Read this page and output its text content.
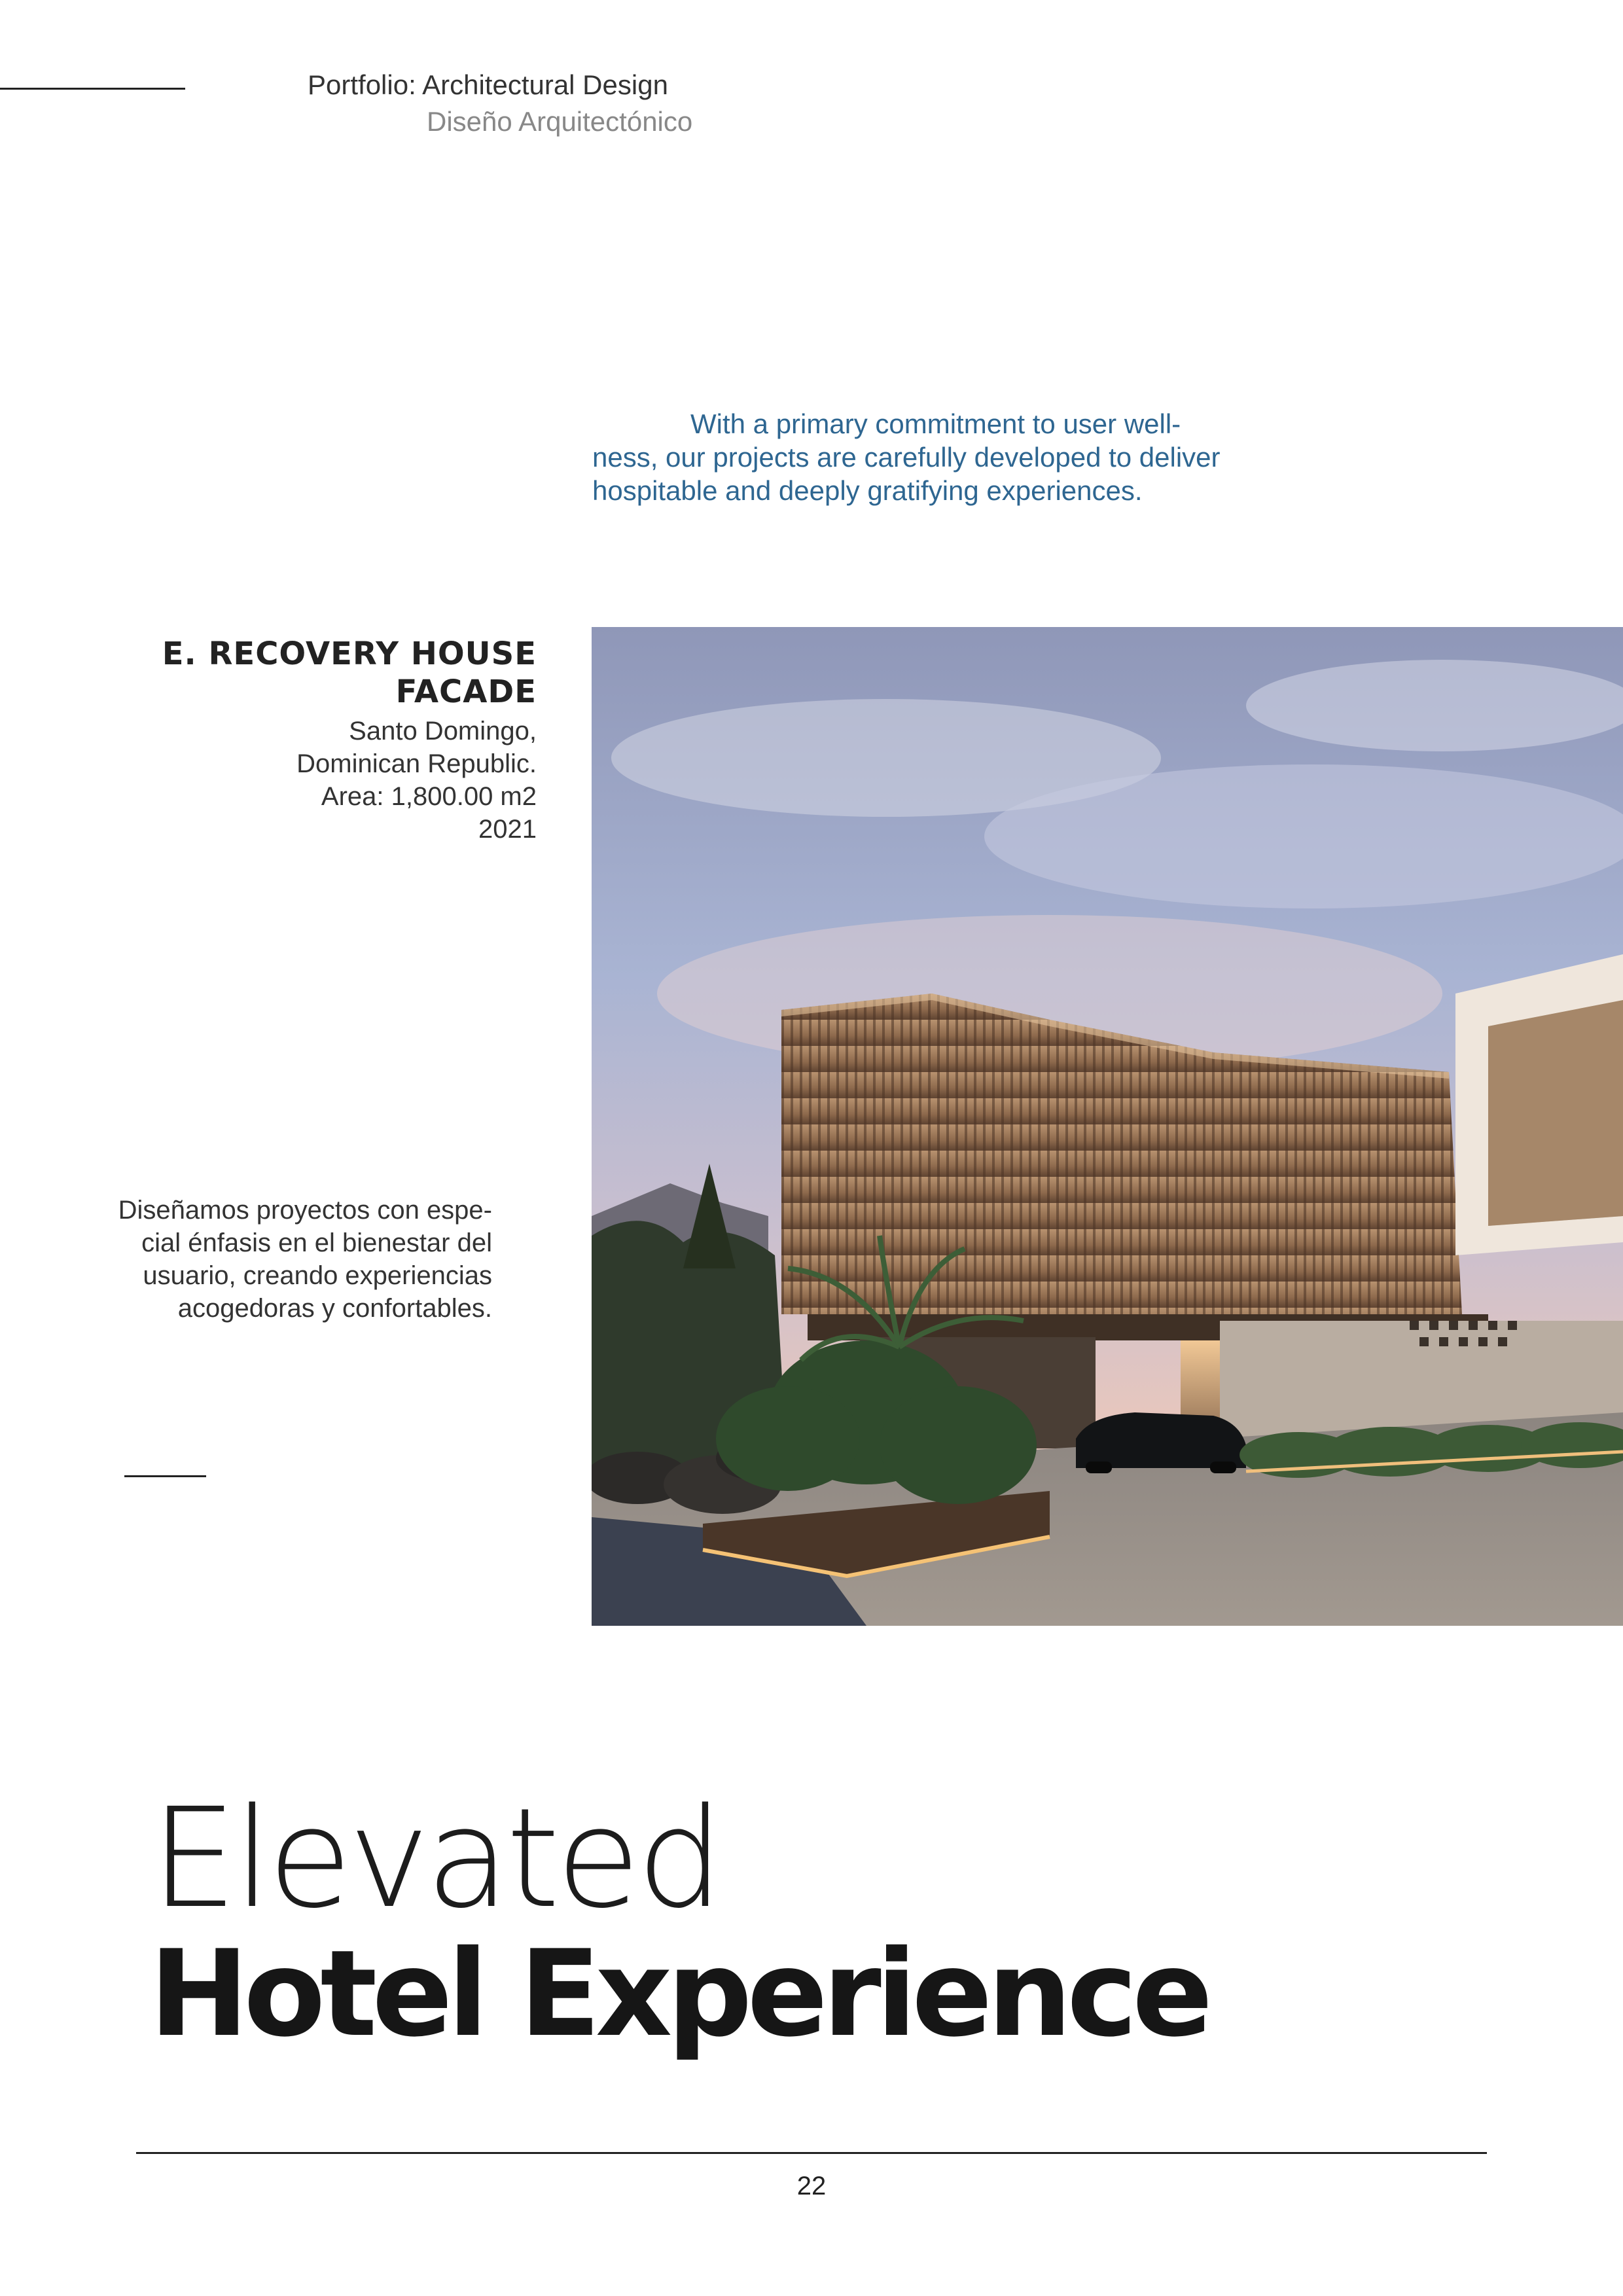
Portfolio: Architectural Design
Diseño Arquitectónico
With a primary commitment to user well-
ness, our projects are carefully developed to deliver
hospitable and deeply gratifying experiences.
E. RECOVERY HOUSE
FACADE
Santo Domingo,
Dominican Republic.
Area: 1,800.00 m2
2021
Diseñamos proyectos con espe-
cial énfasis en el bienestar del
usuario, creando experiencias
acogedoras y confortables.
Elevated
Hotel Experience
22
